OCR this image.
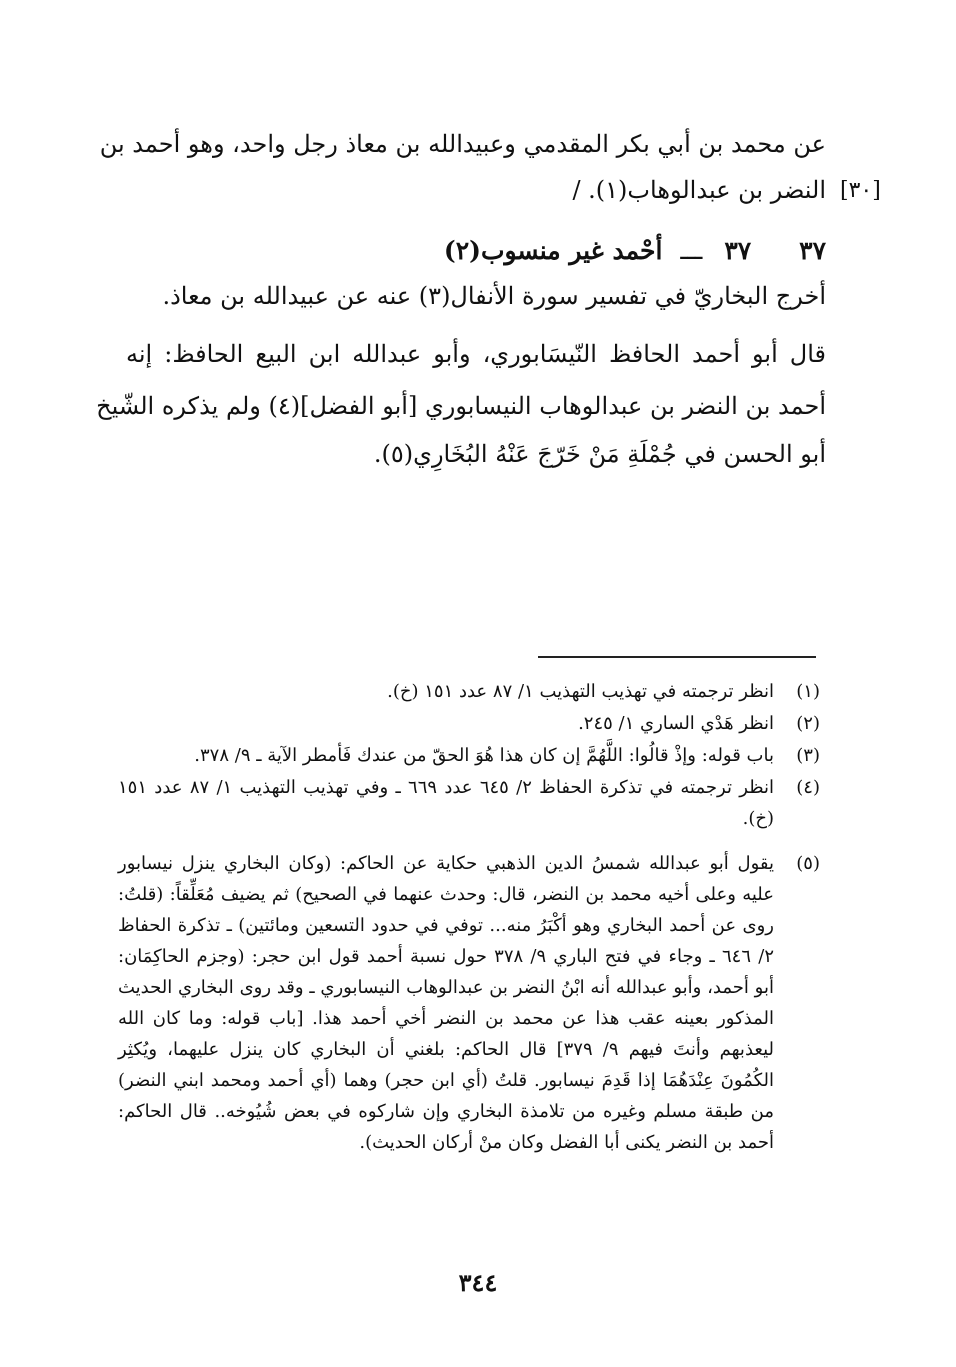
عن محمد بن أبي بكر المقدمي وعبيدالله بن معاذ رجل واحد، وهو أحمد بن
النضر بن عبدالوهاب(١). / [٣٠]
٣٧ ٣٧ ـــ أحْمد غير منسوب(٢)
أخرج البخاريّ في تفسير سورة الأنفال(٣) عنه عن عبيدالله بن معاذ.
قال أبو أحمد الحافظ النّيسَابوري، وأبو عبدالله ابن البيع الحافظ: إنه
أحمد بن النضر بن عبدالوهاب النيسابوري [أبو الفضل](٤) ولم يذكره الشّيخ
أبو الحسن في جُمْلَةِ مَنْ خَرّجَ عَنْهُ البُخَارِي(٥).
(١)
انظر ترجمته في تهذيب التهذيب ١/ ٨٧ عدد ١٥١ (خ).
(٢)
انظر هَدْي الساري ١/ ٢٤٥.
(٣)
باب قوله: وإذْ قالُوا: اللَّهُمَّ إن كان هذا هُوَ الحقّ من عندك فَأمطر الآية ـ ٩/ ٣٧٨.
(٤)
انظر ترجمته في تذكرة الحفاظ ٢/ ٦٤٥ عدد ٦٦٩ ـ وفي تهذيب التهذيب ١/ ٨٧ عدد ١٥١ (خ).
(٥)
يقول أبو عبدالله شمسُ الدين الذهبي حكاية عن الحاكم: (وكان البخاري ينزل نيسابور عليه وعلى أخيه محمد بن النضر، قال: وحدث عنهما في الصحيح) ثم يضيف مُعَلِّقاً: (قلتُ: روى عن أحمد البخاري وهو أكْبَرُ منه... توفي في حدود التسعين ومائتين) ـ تذكرة الحفاظ ٢/ ٦٤٦ ـ وجاء في فتح الباري ٩/ ٣٧٨ حول نسبة أحمد قول ابن حجر: (وجزم الحاكِمَان: أبو أحمد، وأبو عبدالله أنه ابْنُ النضر بن عبدالوهاب النيسابوري ـ وقد روى البخاري الحديث المذكور بعينه عقب هذا عن محمد بن النضر أخي أحمد هذا. [باب قوله: وما كان الله ليعذبهم وأنتَ فيهم ٩/ ٣٧٩] قال الحاكم: بلغني أن البخاري كان ينزل عليهما، ويُكثِر الكُمُونَ عِنْدَهُمَا إذا قَدِمَ نيسابور. قلتُ (أي ابن حجر) وهما (أي أحمد ومحمد ابني النضر) من طبقة مسلم وغيره من تلامذة البخاري وإن شاركوه في بعض شُيُوخه.. قال الحاكم: أحمد بن النضر يكنى أبا الفضل وكان منْ أركان الحديث).
٣٤٤
